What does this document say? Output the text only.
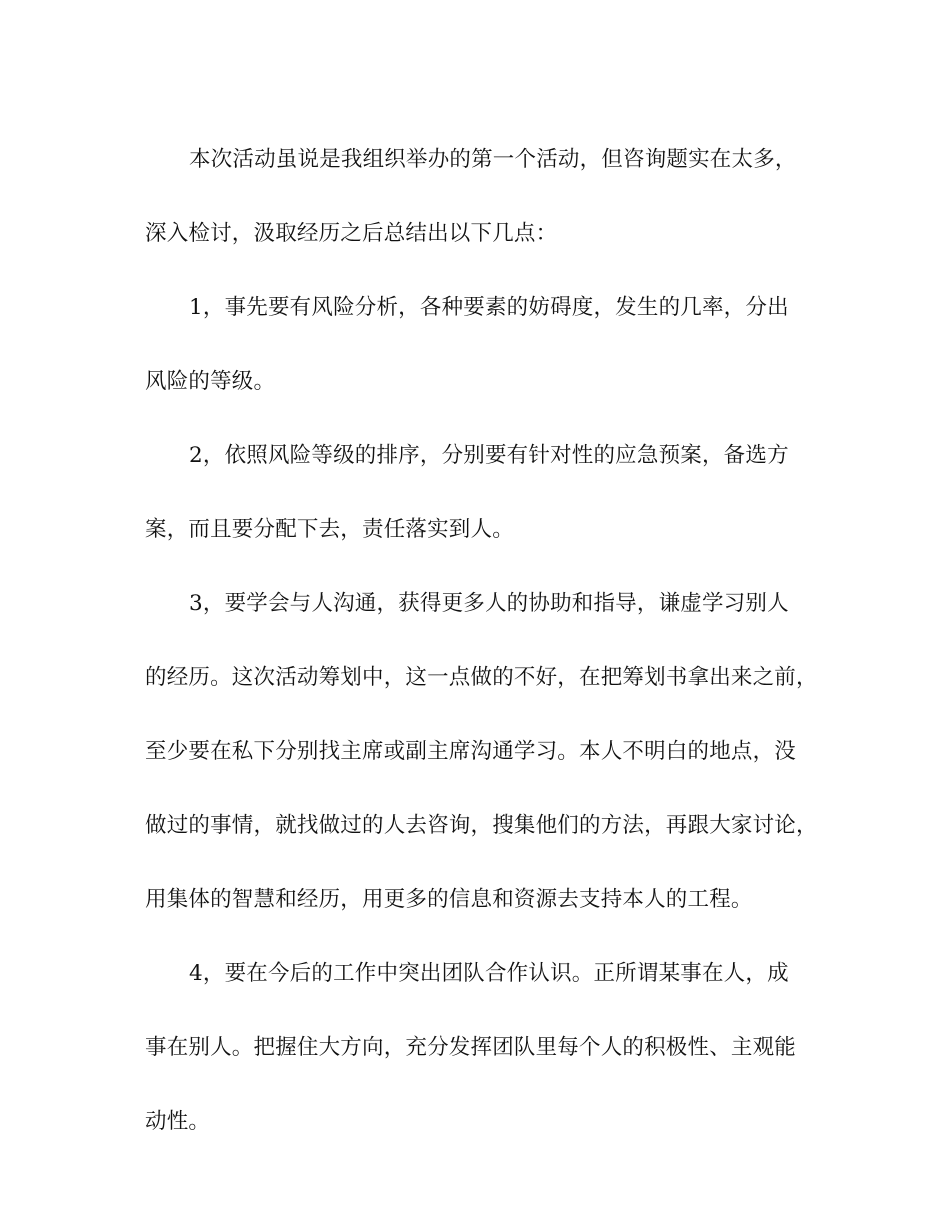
本次活动虽说是我组织举办的第一个活动，但咨询题实在太多，
深入检讨，汲取经历之后总结出以下几点：
1，事先要有风险分析，各种要素的妨碍度，发生的几率，分出
风险的等级。
2，依照风险等级的排序，分别要有针对性的应急预案，备选方
案，而且要分配下去，责任落实到人。
3，要学会与人沟通，获得更多人的协助和指导，谦虚学习别人
的经历。这次活动筹划中，这一点做的不好，在把筹划书拿出来之前，
至少要在私下分别找主席或副主席沟通学习。本人不明白的地点，没
做过的事情，就找做过的人去咨询，搜集他们的方法，再跟大家讨论，
用集体的智慧和经历，用更多的信息和资源去支持本人的工程。
4，要在今后的工作中突出团队合作认识。正所谓某事在人，成
事在别人。把握住大方向，充分发挥团队里每个人的积极性、主观能
动性。
